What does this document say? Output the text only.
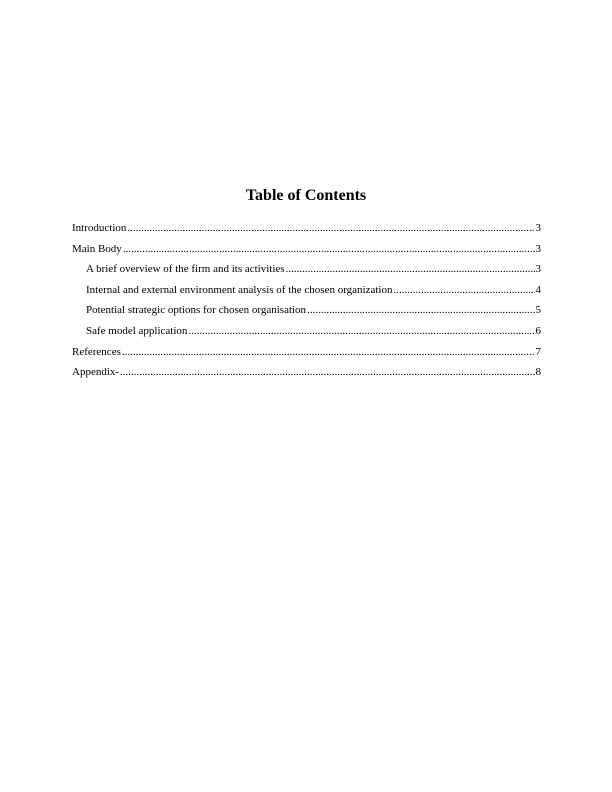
Table of Contents
Introduction .....	3
Main Body .....	3
A brief overview of the firm and its activities .....	3
Internal and external environment analysis of the chosen organization .....	4
Potential strategic options for chosen organisation .....	5
Safe model application .....	6
References .....	7
Appendix- .....	8
